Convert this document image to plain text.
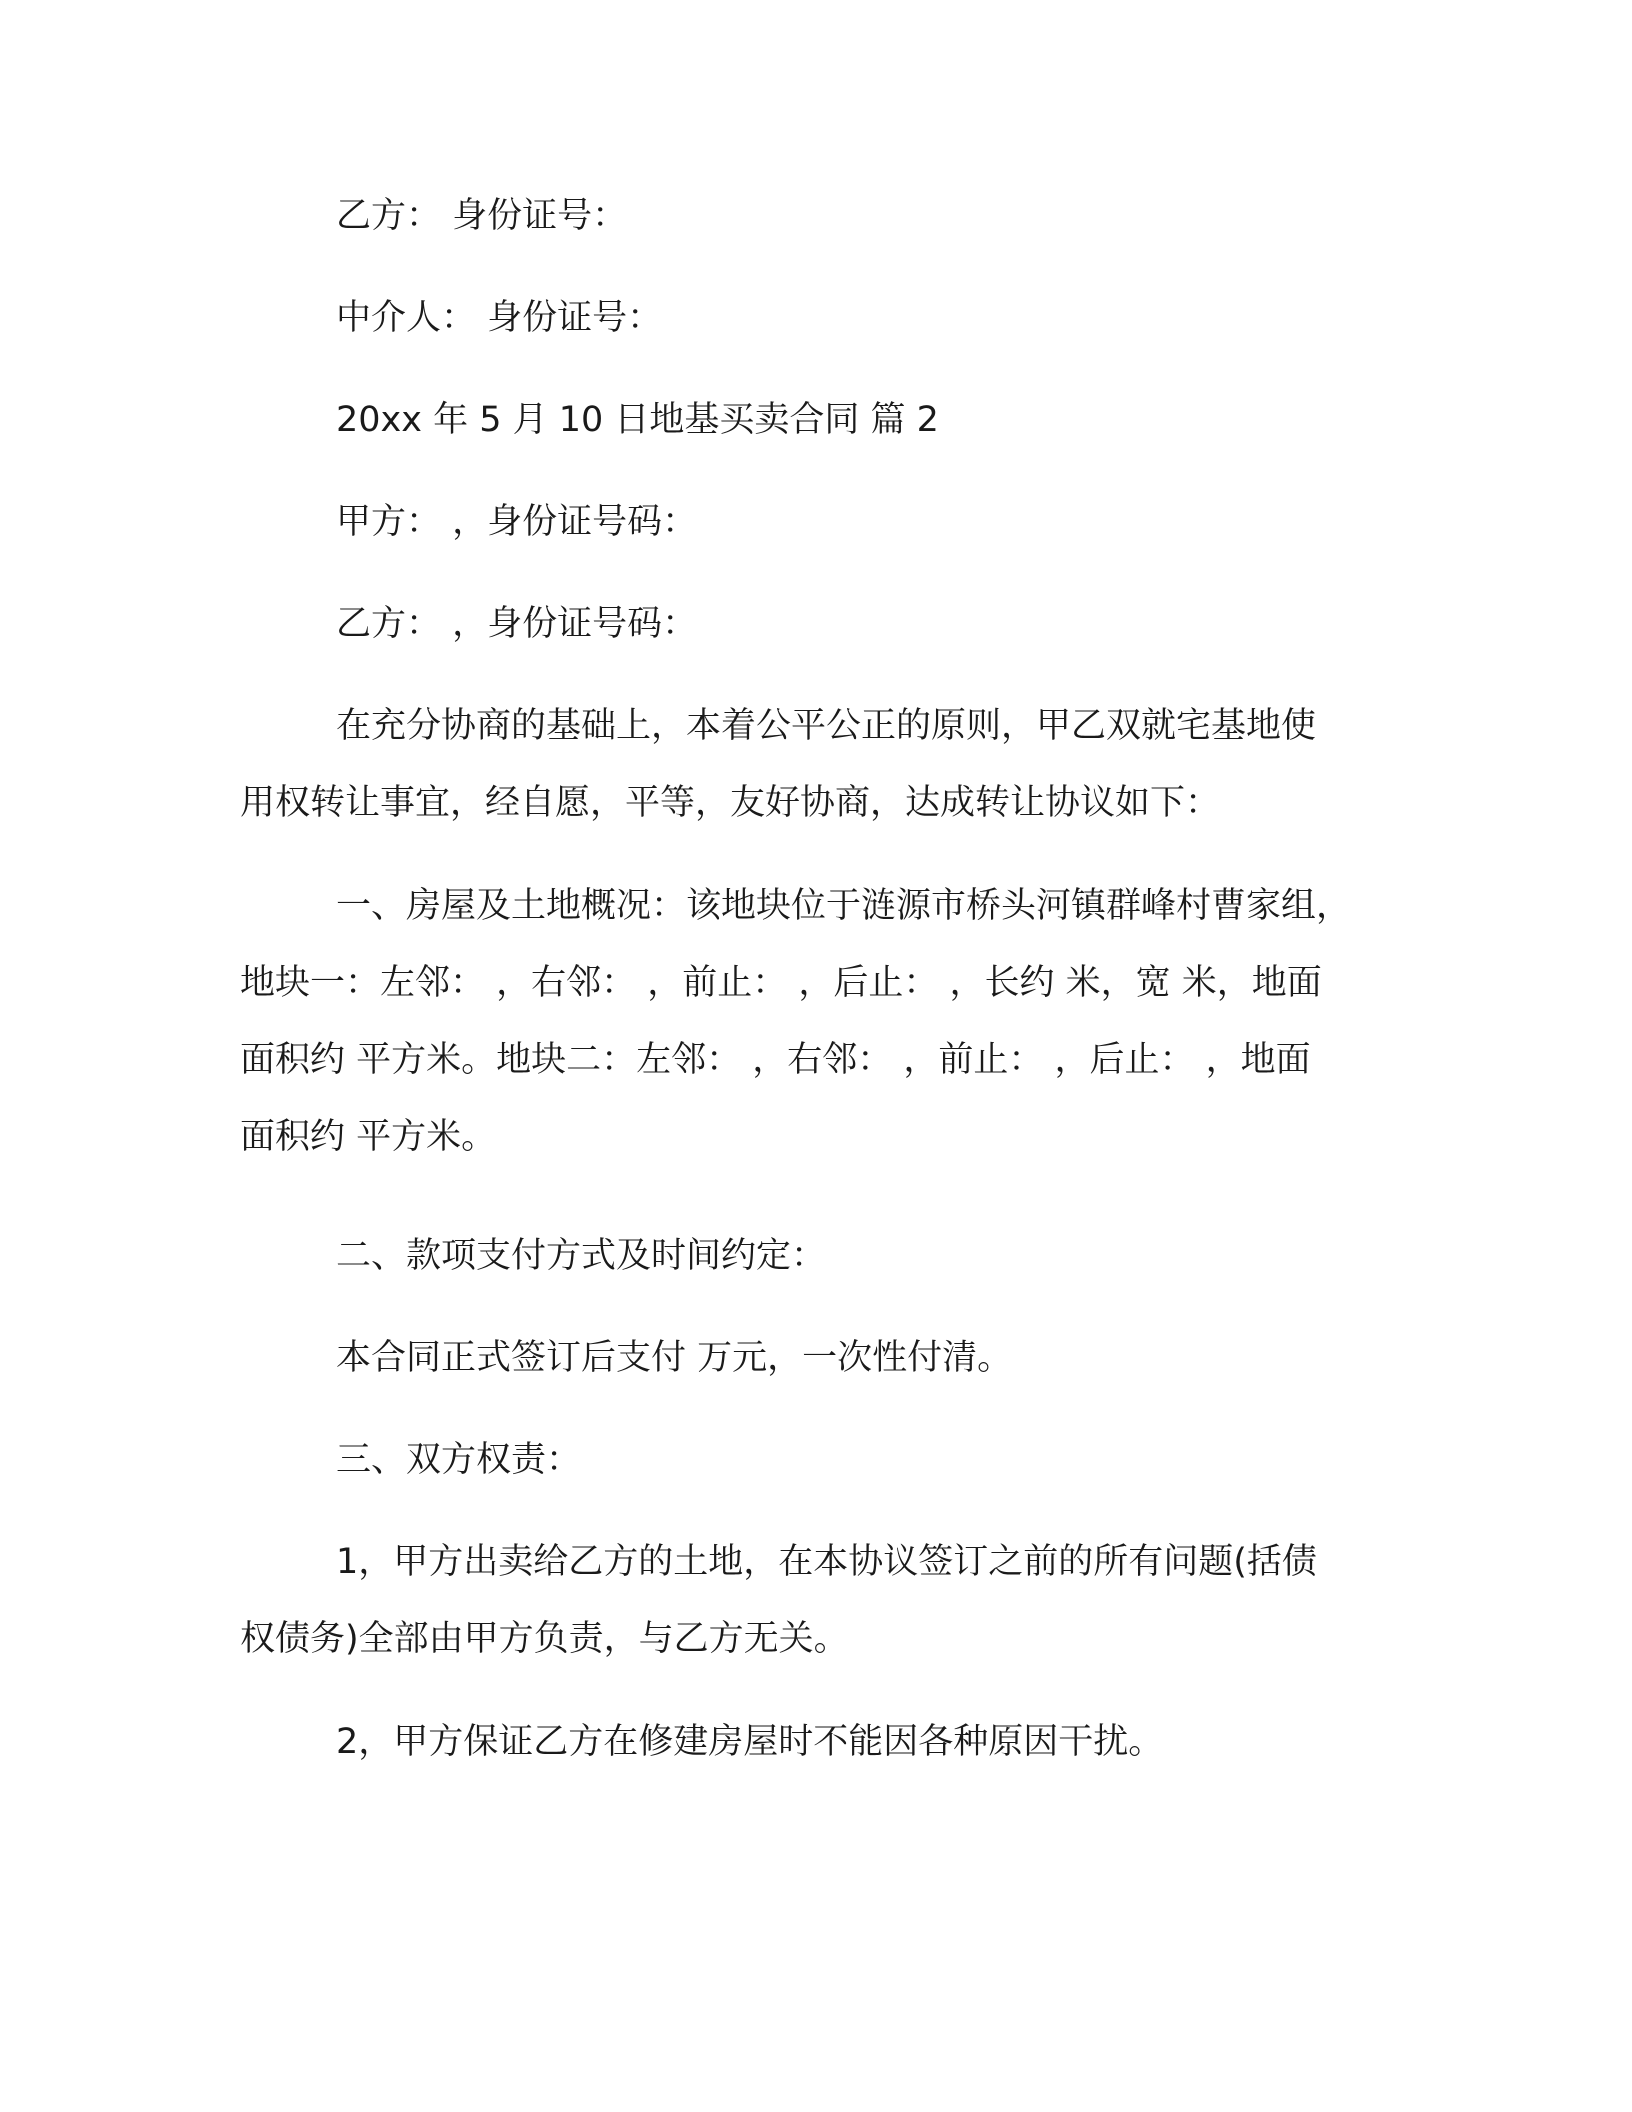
乙方： 身份证号：

中介人： 身份证号：

20xx 年 5 月 10 日地基买卖合同 篇 2

甲方： ，身份证号码：

乙方： ，身份证号码：

在充分协商的基础上，本着公平公正的原则，甲乙双就宅基地使
用权转让事宜，经自愿，平等，友好协商，达成转让协议如下：
一、房屋及土地概况：该地块位于涟源市桥头河镇群峰村曹家组，
地块一：左邻： ，右邻： ，前止： ，后止： ，长约 米，宽 米，地面
面积约 平方米。地块二：左邻： ，右邻： ，前止： ，后止： ，地面
面积约 平方米。

二、款项支付方式及时间约定：

本合同正式签订后支付 万元，一次性付清。

三、双方权责：

1，甲方出卖给乙方的土地，在本协议签订之前的所有问题(括债
权债务)全部由甲方负责，与乙方无关。

2，甲方保证乙方在修建房屋时不能因各种原因干扰。
